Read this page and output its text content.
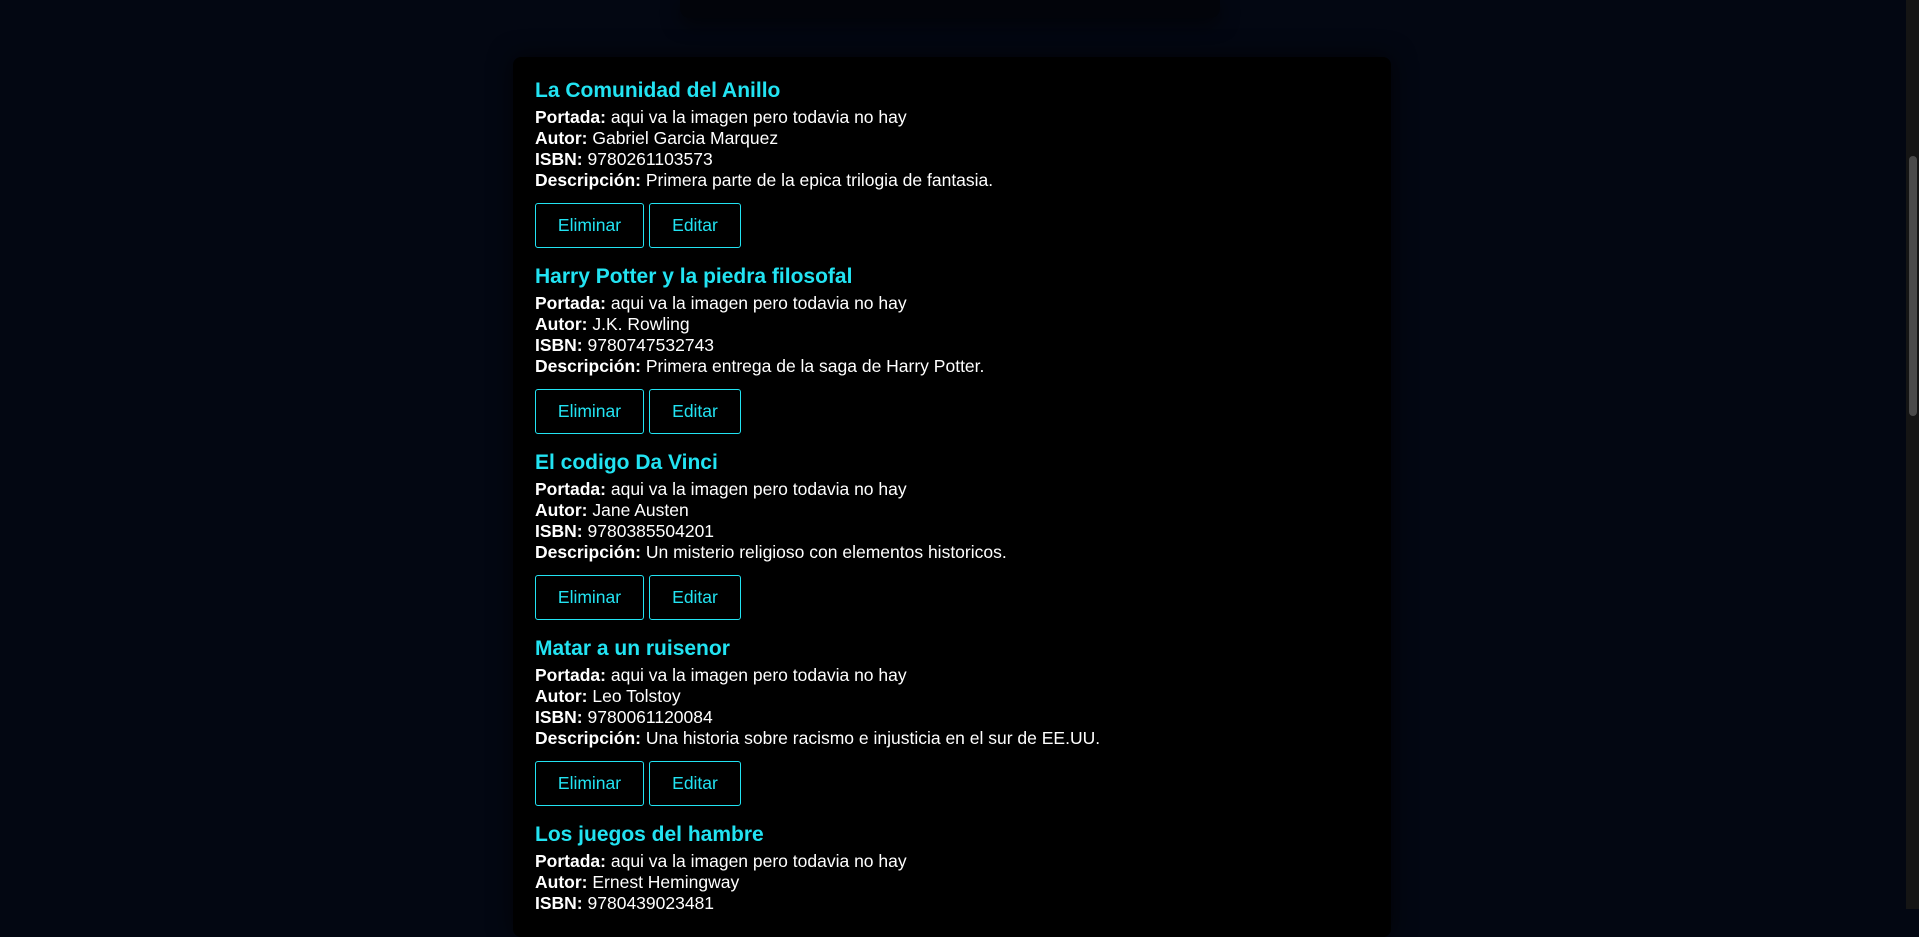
La Comunidad del Anillo
Portada: aqui va la imagen pero todavia no hay
Autor: Gabriel Garcia Marquez
ISBN: 9780261103573
Descripción: Primera parte de la epica trilogia de fantasia.
Eliminar	Editar
Harry Potter y la piedra filosofal
Portada: aqui va la imagen pero todavia no hay
Autor: J.K. Rowling
ISBN: 9780747532743
Descripción: Primera entrega de la saga de Harry Potter.
Eliminar	Editar
El codigo Da Vinci
Portada: aqui va la imagen pero todavia no hay
Autor: Jane Austen
ISBN: 9780385504201
Descripción: Un misterio religioso con elementos historicos.
Eliminar	Editar
Matar a un ruisenor
Portada: aqui va la imagen pero todavia no hay
Autor: Leo Tolstoy
ISBN: 9780061120084
Descripción: Una historia sobre racismo e injusticia en el sur de EE.UU.
Eliminar	Editar
Los juegos del hambre
Portada: aqui va la imagen pero todavia no hay
Autor: Ernest Hemingway
ISBN: 9780439023481
